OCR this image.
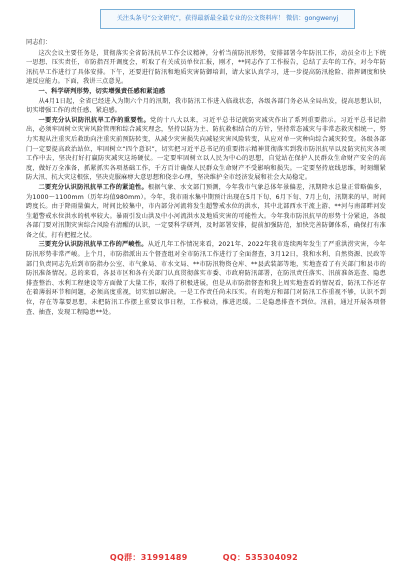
关注头条号“公文研究”，获得最新最全最专业的公文资料库！ 微信：gongwenyj

同志们：

这次会议主要任务是，贯彻落实全省防汛抗旱工作会议精神，分析当前防汛形势，安排部署今年防汛工作，动员全市上下统一思想、压实责任，市防指召开调度会，听取了有关成员单位汇报，刚才，**同志作了工作报告，总结了去年的工作，对今年防汛抗旱工作进行了具体安排。下午，还要进行防汛和地质灾害防御培训，请大家认真学习，进一步提高防汛抢险、指挥调度和快速反应能力。下面，我讲三点意见。

一、科学研判形势，切实增强责任感和紧迫感

从4月1日起，全省已经进入为期六个月的汛期，我市防汛工作进入临战状态，各级各部门务必从全局出发，提高思想认识，切实增强工作的责任感、紧迫感。

一要充分认识防汛抗旱工作的重要性。党的十八大以来，习近平总书记就防灾减灾作出了系列重要指示。习近平总书记指出，必须牢固树立灾害风险管理和综合减灾理念，坚持以防为主、防抗救相结合的方针，坚持常态减灾与非常态救灾相统一，努力实现从注重灾后救助向注重灾前预防转变，从减少灾害损失向减轻灾害风险转变，从应对单一灾种向综合减灾转变。各级各部门一定要提高政治站位，牢固树立“四个意识”，切实把习近平总书记的重要指示精神贯彻落实到我市防汛抗旱以及防灾抗灾各项工作中去，坚决打好打赢防灾减灾这场硬仗。一定要牢固树立以人民为中心的思想，自觉站在保护人民群众生命财产安全的高度，做好万全准备，抓紧抓实各项基础工作，千方百计确保人民群众生命财产不受影响和损失。一定要坚持底线思维，时刻绷紧防大汛、抗大灾这根弦，坚决克服麻痹大意思想和侥幸心理，坚决维护全市经济发展和社会大局稳定。

二要充分认识防汛抗旱工作的紧迫性。根据气象、水文部门预测，今年我市气象总体年景偏差，汛期降水总量正常略偏多，为1000～1100mm（历年均值980mm）。今年，我市雨水集中期预计出现在5月下旬、6月下旬、7月上旬，汛期来的早，时间跨度长。由于降雨量偏大，时间比较集中，市内部分河流将发生超警戒水位的洪水，其中北部西水干流上游、**河与南部畔河发生超警戒水位洪水的机率较大。暴雨引发山洪及中小河流洪水及地质灾害的可能性大。今年我市防汛抗旱的形势十分紧迫，各级各部门要对汛期灾害综合风险有清醒的认识，一定要科学研判，及时部署安排，提前加强防范，加快完善防御体系，确保打有准备之仗，打有把握之仗。

三要充分认识防汛抗旱工作的严峻性。从近几年工作情况来看，2021年、2022年我市连续两年发生了严重洪涝灾害，今年防汛形势非常严峻。上个月，市防指派出五个督查组对全市防汛工作进行了全面督查，3月12日，我和水利、自然资源、民政等部门负责同志先后到市防指办公室、市气象局、市水文局、**市防汛物资仓库、**县武装部等地，实地查看了有关部门和县市的防汛准备情况。总的来看，各县市区和各有关部门认真贯彻落实市委、市政府防汛部署，在防汛责任落实、汛前准备巡查、隐患排查整治、水利工程建设等方面做了大量工作，取得了积极进展，但是从市防指督查和我上周实地查看的情况看，防汛工作还存在着薄弱环节和问题，必须高度重视，切实加以解决。一是工作责任尚未压实。有的地方和部门对防汛工作重视不够，认识不到位，存在等靠要思想，未把防汛工作摆上重要议事日程，工作被动，推进迟缓。二是隐患排查不到位。汛前，通过开展各项督查、抽查，发现工程隐患**处。

QQ群：31991489	QQ：535304092
